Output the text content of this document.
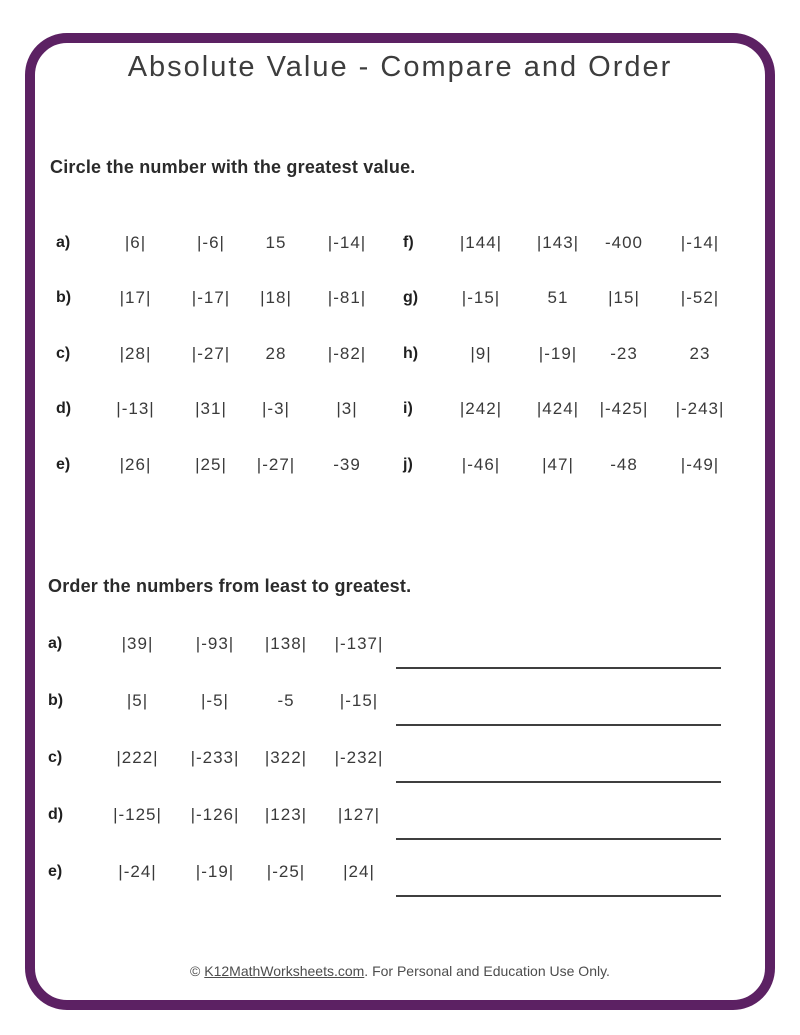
Absolute Value - Compare and Order
Circle the number with the greatest value.
a)	|6|	|-6|	15	|-14|
b)	|17|	|-17|	|18|	|-81|
c)	|28|	|-27|	28	|-82|
d)	|-13|	|31|	|-3|	|3|
e)	|26|	|25|	|-27|	-39
f)	|144|	|143|	-400	|-14|
g)	|-15|	51	|15|	|-52|
h)	|9|	|-19|	-23	23
i)	|242|	|424|	|-425|	|-243|
j)	|-46|	|47|	-48	|-49|
Order the numbers from least to greatest.
a)	|39|	|-93|	|138|	|-137|
b)	|5|	|-5|	-5	|-15|
c)	|222|	|-233|	|322|	|-232|
d)	|-125|	|-126|	|123|	|127|
e)	|-24|	|-19|	|-25|	|24|
© K12MathWorksheets.com. For Personal and Education Use Only.
